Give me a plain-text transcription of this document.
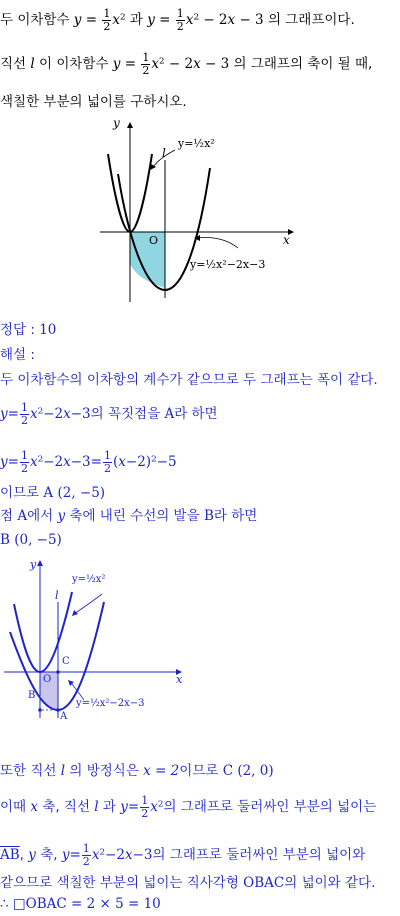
두 이차함수 $y = \frac{1}{2} x^2$ 과 $y = \frac{1}{2} x^2 - 2x - 3$ 의 그래프이다.
직선 l 이 이차함수 $y = \frac{1}{2} x^2 - 2x - 3$ 의 그래프의 축이 될 때,
색칠한 부분의 넓이를 구하시오.
y
x
O
l
y=½x²
y=½x²−2x−3
정답 : 10
해설 :
두 이차함수의 이차항의 계수가 같으므로 두 그래프는 폭이 같다.
$y= \frac{1}{2} x^2-2x-3$의 꼭짓점을 A라 하면
$y= \frac{1}{2} x^2-2x-3= \frac{1}{2} (x-2)^2-5$
이므로 A (2, −5)
점 A에서 y 축에 내린 수선의 발을 B라 하면
B (0, −5)
y
x
O
l
C
B
A
y=½x²
y=½x²−2x−3
또한 직선 l 의 방정식은 x = 2이므로 C (2, 0)
이때 x 축, 직선 l 과 $y= \frac{1}{2} x^2$의 그래프로 둘러싸인 부분의 넓이는
$\overline{AB}$, y 축, $y= \frac{1}{2} x^2-2x-3$의 그래프로 둘러싸인 부분의 넓이와
같으므로 색칠한 부분의 넓이는 직사각형 OBAC의 넓이와 같다.
∴ □OBAC = 2 × 5 = 10
